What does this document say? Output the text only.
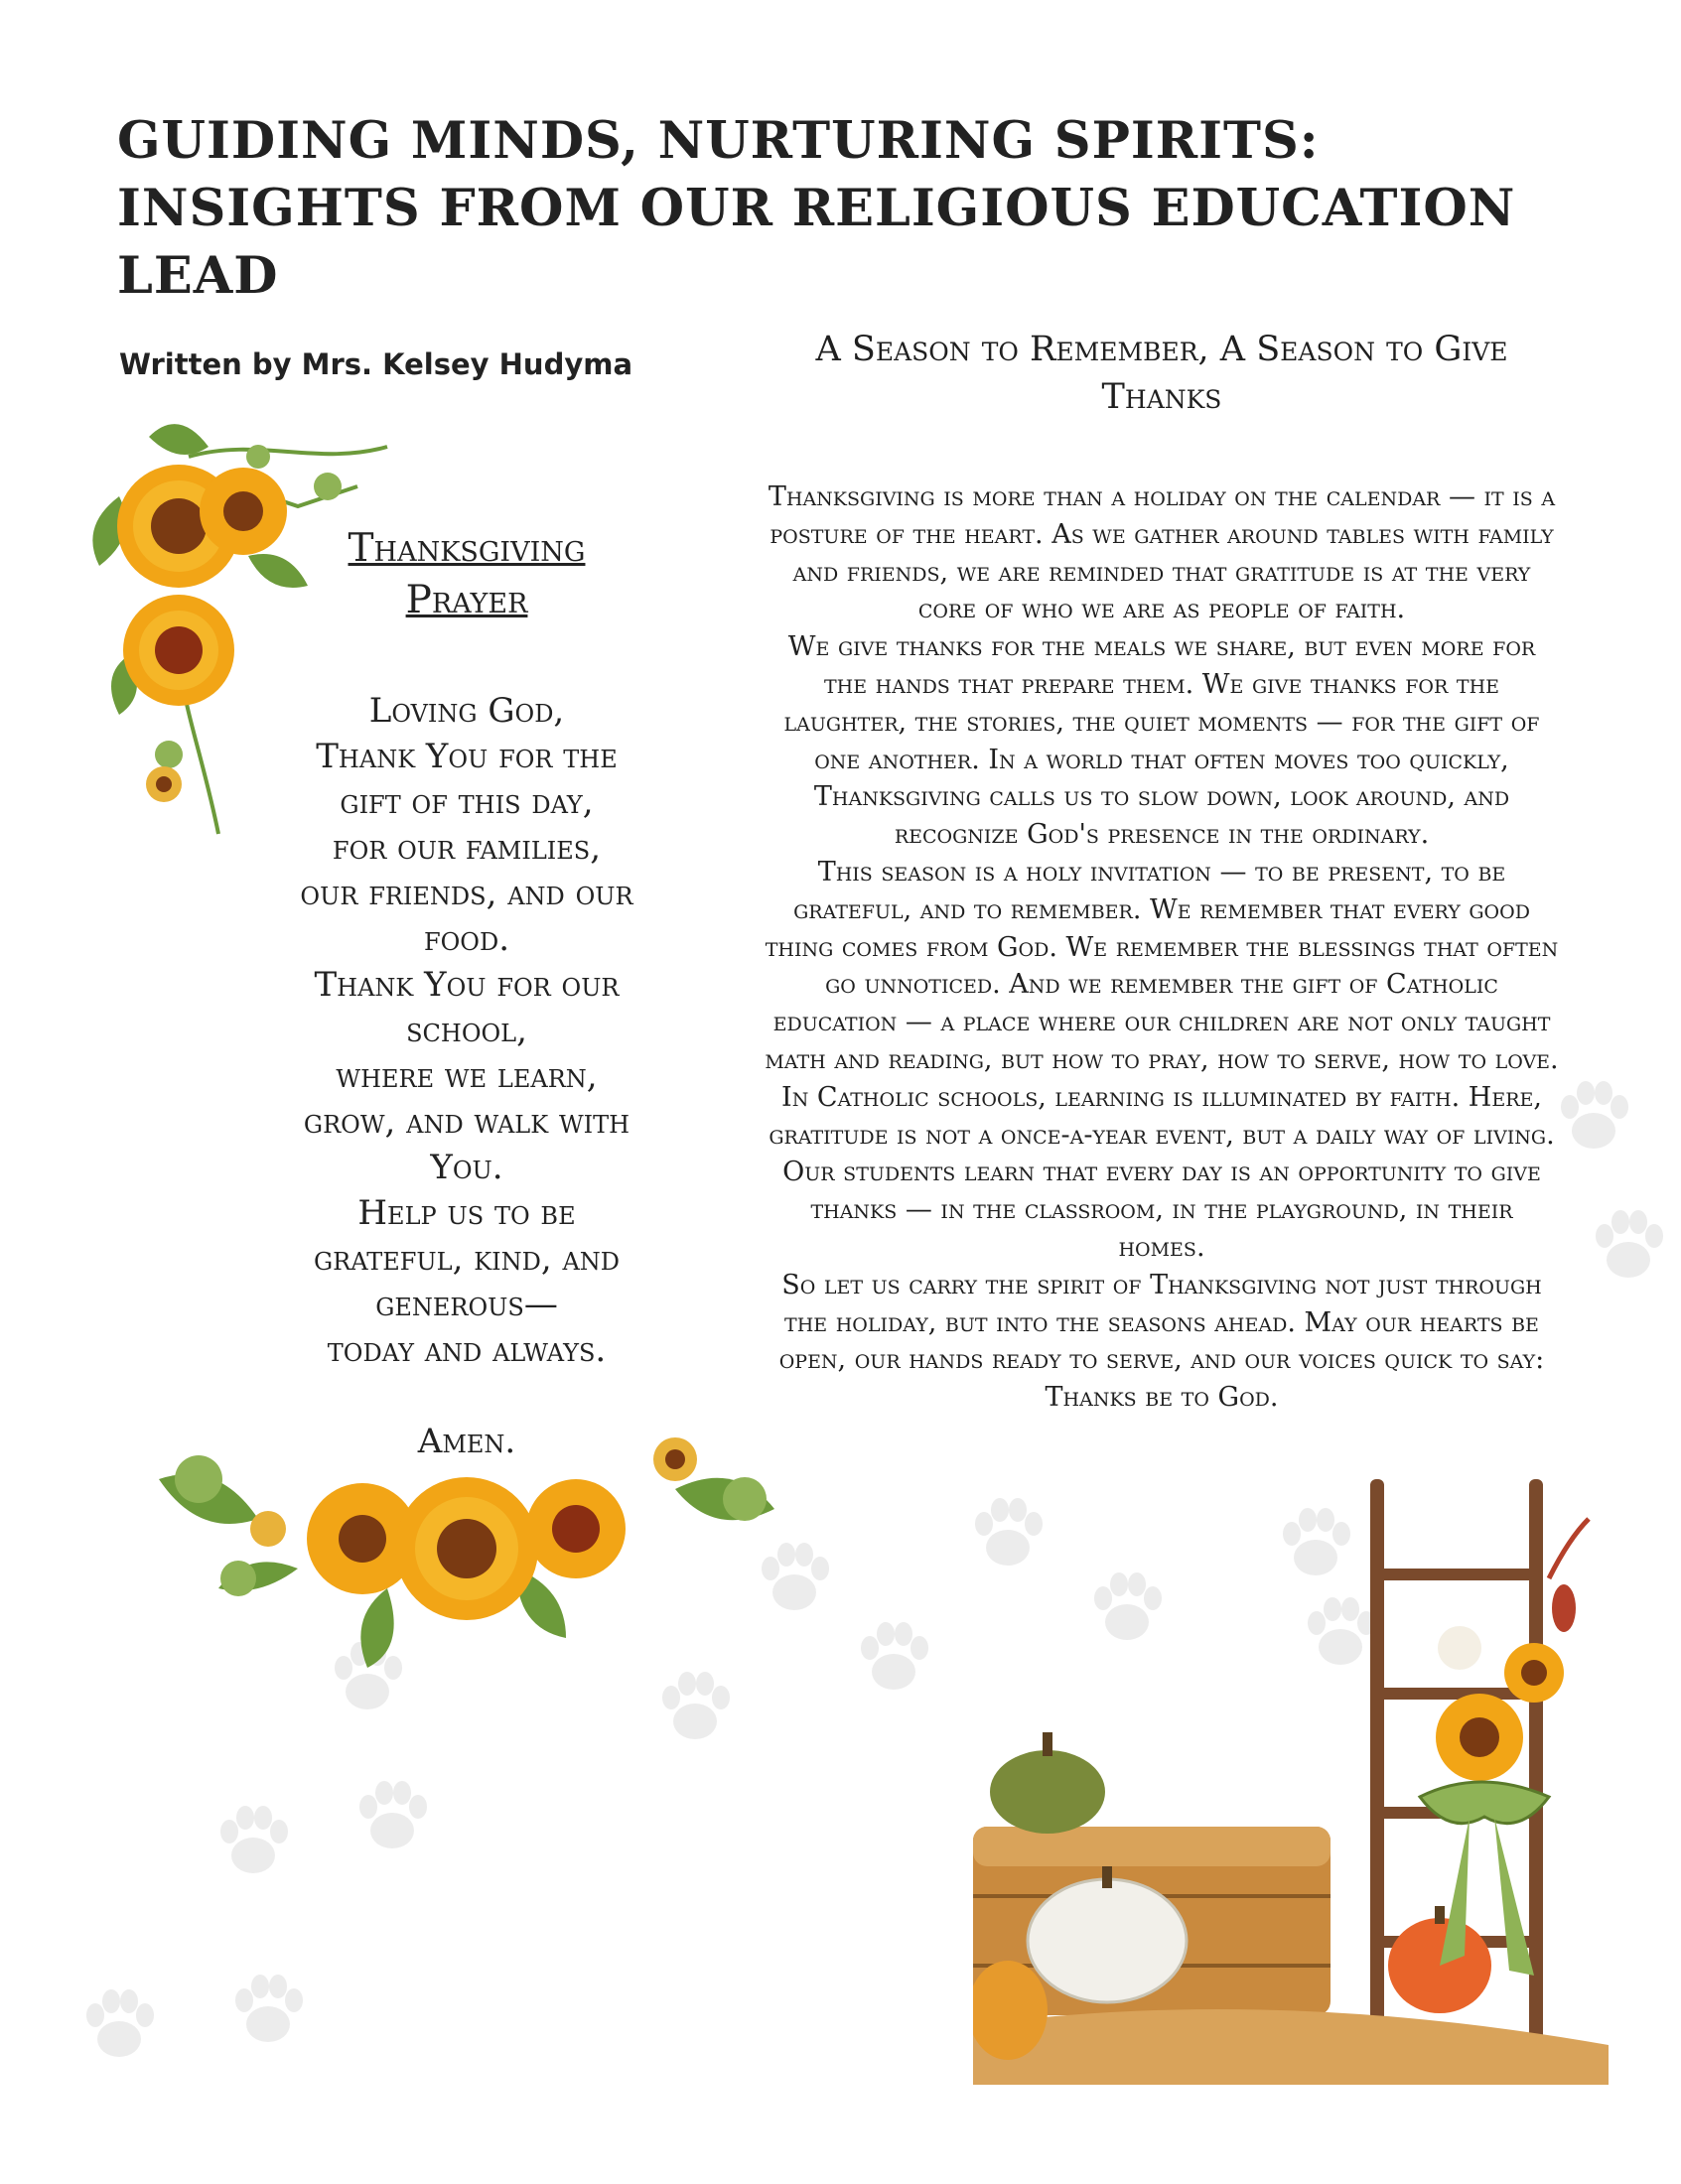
GUIDING MINDS, NURTURING SPIRITS: INSIGHTS FROM OUR RELIGIOUS EDUCATION LEAD
Written by Mrs. Kelsey Hudyma
Thanksgiving
Prayer
Loving God,
Thank You for the
gift of this day,
for our families,
our friends, and our
food.
Thank You for our
school,
where we learn,
grow, and walk with
You.
Help us to be
grateful, kind, and
generous—
today and always.
Amen.
A Season to Remember, A Season to Give Thanks

Thanksgiving is more than a holiday on the calendar — it is a posture of the heart. As we gather around tables with family and friends, we are reminded that gratitude is at the very core of who we are as people of faith.

We give thanks for the meals we share, but even more for the hands that prepare them. We give thanks for the laughter, the stories, the quiet moments — for the gift of one another. In a world that often moves too quickly, Thanksgiving calls us to slow down, look around, and recognize God's presence in the ordinary.

This season is a holy invitation — to be present, to be grateful, and to remember. We remember that every good thing comes from God. We remember the blessings that often go unnoticed. And we remember the gift of Catholic education — a place where our children are not only taught math and reading, but how to pray, how to serve, how to love.

In Catholic schools, learning is illuminated by faith. Here, gratitude is not a once-a-year event, but a daily way of living. Our students learn that every day is an opportunity to give thanks — in the classroom, in the playground, in their homes.

So let us carry the spirit of Thanksgiving not just through the holiday, but into the seasons ahead. May our hearts be open, our hands ready to serve, and our voices quick to say:

Thanks be to God.
